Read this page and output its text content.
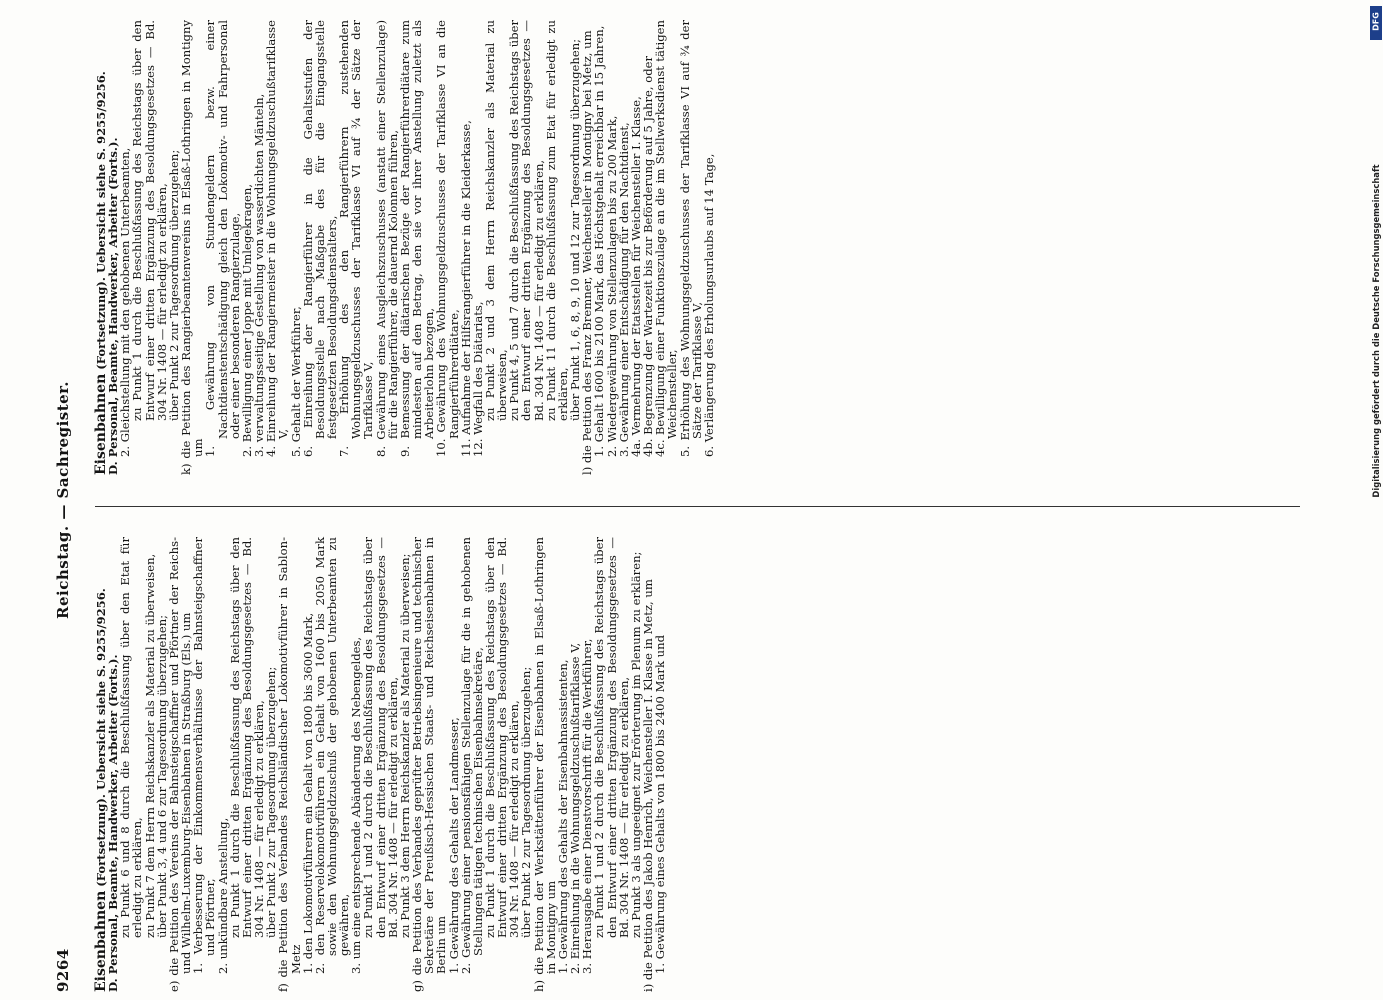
9264
Reichstag. — Sachregister.

Eisenbahnen (Fortsetzung). Uebersicht siehe S. 9255/9256.

D. Personal, Beamte, Handwerker, Arbeiter (Forts.).

zu Punkt 6 und 8 durch die Beschlußfassung über den Etat für erledigt zu erklären,

zu Punkt 7 dem Herrn Reichskanzler als Material zu überweisen,

über Punkt 3, 4 und 6 zur Tagesordnung überzugehen;

e) die Petition des Vereins der Bahnsteigschaffner und Pförtner der Reichs- und Wilhelm-Luxemburg-Eisenbahnen in Straßburg (Els.) um

1. Verbesserung der Einkommensverhältnisse der Bahnsteigschaffner und Pförtner,

2. unkündbare Anstellung,

zu Punkt 1 durch die Beschlußfassung des Reichstags über den Entwurf einer dritten Ergänzung des Besoldungsgesetzes — Bd. 304 Nr. 1408 — für erledigt zu erklären,

über Punkt 2 zur Tagesordnung überzugehen;

f) die Petition des Verbandes Reichsländischer Lokomotivführer in Sablon-Metz

1. den Lokomotivführern ein Gehalt von 1800 bis 3600 Mark,

2. den Reservelokomotivführern ein Gehalt von 1600 bis 2050 Mark sowie den Wohnungsgeldzuschuß der gehobenen Unterbeamten zu gewähren,

3. um eine entsprechende Abänderung des Nebengeldes,

zu Punkt 1 und 2 durch die Beschlußfassung des Reichstags über den Entwurf einer dritten Ergänzung des Besoldungsgesetzes — Bd. 304 Nr. 1408 — für erledigt zu erklären,

zu Punkt 3 dem Herrn Reichskanzler als Material zu überweisen;

g) die Petition des Verbandes geprüfter Betriebsingenieure und technischer Sekretäre der Preußisch-Hessischen Staats- und Reichseisenbahnen in Berlin um

1. Gewährung des Gehalts der Landmesser,

2. Gewährung einer pensionsfähigen Stellenzulage für die in gehobenen Stellungen tätigen technischen Eisenbahnsekretäre,

zu Punkt 1 durch die Beschlußfassung des Reichstags über den Entwurf einer dritten Ergänzung des Besoldungsgesetzes — Bd. 304 Nr. 1408 — für erledigt zu erklären,

über Punkt 2 zur Tagesordnung überzugehen;

h) die Petition der Werkstättenführer der Eisenbahnen in Elsaß-Lothringen in Montigny um

1. Gewährung des Gehalts der Eisenbahnassistenten,

2. Einreihung in die Wohnungsgeldzuschußtarifklasse V,

3. Herausgabe einer Dienstvorschrift für die Werkführer,

zu Punkt 1 und 2 durch die Beschlußfassung des Reichstags über den Entwurf einer dritten Ergänzung des Besoldungsgesetzes — Bd. 304 Nr. 1408 — für erledigt zu erklären,

zu Punkt 3 als ungeeignet zur Erörterung im Plenum zu erklären;

i) die Petition des Jakob Henrich, Weichensteller I. Klasse in Metz, um

1. Gewährung eines Gehalts von 1800 bis 2400 Mark und

Eisenbahnen (Fortsetzung). Uebersicht siehe S. 9255/9256.

D. Personal, Beamte, Handwerker, Arbeiter (Forts.).

2. Gleichstellung mit den gehobenen Unterbeamten,

zu Punkt 1 durch die Beschlußfassung des Reichstags über den Entwurf einer dritten Ergänzung des Besoldungsgesetzes — Bd. 304 Nr. 1408 — für erledigt zu erklären,

über Punkt 2 zur Tagesordnung überzugehen;

k) die Petition des Rangierbeamtenvereins in Elsaß-Lothringen in Montigny um

1. Gewährung von Stundengeldern bezw. einer Nachtdienstentschädigung gleich den Lokomotiv- und Fahrpersonal oder einer besonderen Rangierzulage,

2. Bewilligung einer Joppe mit Umlegekragen,

3. verwaltungsseitige Gestellung von wasserdichten Mänteln,

4. Einreihung der Rangiermeister in die Wohnungsgeldzuschußtarifklasse V,

5. Gehalt der Werkführer,

6. Einreihung der Rangierführer in die Gehaltsstufen der Besoldungsstelle nach Maßgabe des für die Eingangsstelle festgesetzten Besoldungsdienstalters,

7. Erhöhung des den Rangierführern zustehenden Wohnungsgeldzuschusses der Tarifklasse VI auf ¾ der Sätze der Tarifklasse V,

8. Gewährung eines Ausgleichszuschusses (anstatt einer Stellenzulage) für die Rangierführer, die dauernd Kolonnen führen,

9. Bemessung der diätarischen Bezüge der Rangierführerdiätare zum mindesten auf den Betrag, den sie vor ihrer Anstellung zuletzt als Arbeiterlohn bezogen,

10. Gewährung des Wohnungsgeldzuschusses der Tarifklasse VI an die Rangierführerdiätare,

11. Aufnahme der Hilfsrangierführer in die Kleiderkasse,

12. Wegfall des Diätariats,

zu Punkt 2 und 3 dem Herrn Reichskanzler als Material zu überweisen,

zu Punkt 4, 5 und 7 durch die Beschlußfassung des Reichstags über den Entwurf einer dritten Ergänzung des Besoldungsgesetzes — Bd. 304 Nr. 1408 — für erledigt zu erklären,

zu Punkt 11 durch die Beschlußfassung zum Etat für erledigt zu erklären,

über Punkt 1, 6, 8, 9, 10 und 12 zur Tagesordnung überzugehen;

l) die Petition des Franz Bremner, Weichensteller in Montigny bei Metz, um

1. Gehalt 1600 bis 2100 Mark, das Höchstgehalt erreichbar in 15 Jahren,

2. Wiedergewährung von Stellenzulagen bis zu 200 Mark,

3. Gewährung einer Entschädigung für den Nachtdienst,

4a. Vermehrung der Etatsstellen für Weichensteller I. Klasse,

4b. Begrenzung der Wartezeit bis zur Beförderung auf 5 Jahre, oder

4c. Bewilligung einer Funktionszulage an die im Stellwerksdienst tätigen Weichensteller,

5. Erhöhung des Wohnungsgeldzuschusses der Tarifklasse VI auf ¾ der Sätze der Tarifklasse V,

6. Verlängerung des Erholungsurlaubs auf 14 Tage,

DFG
Digitalisierung gefördert durch die Deutsche Forschungsgemeinschaft
